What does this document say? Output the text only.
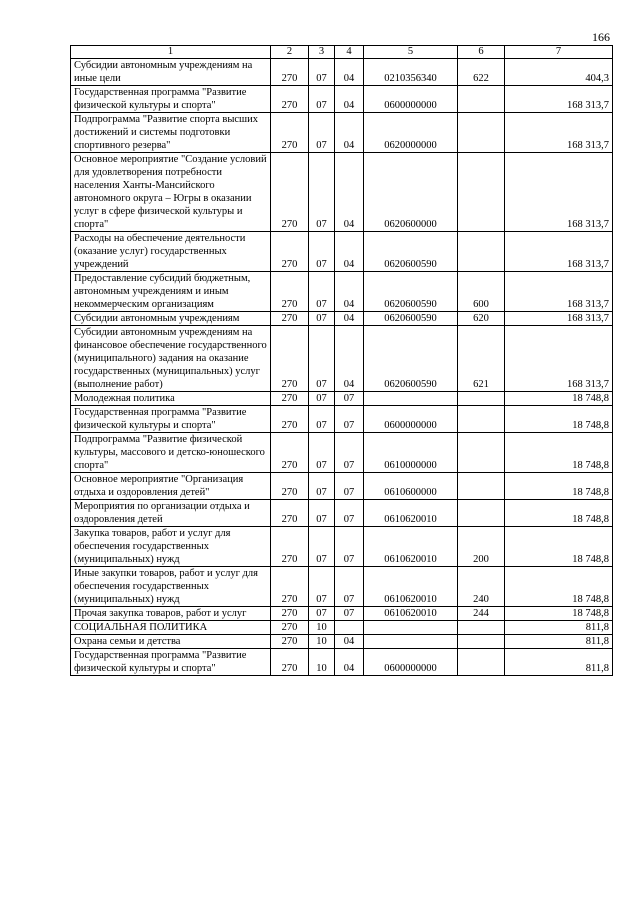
166
1	2	3	4	5	6	7
Субсидии автономным учреждениям на иные цели	270	07	04	0210356340	622	404,3
Государственная программа "Развитие физической культуры и спорта"	270	07	04	0600000000		168 313,7
Подпрограмма "Развитие спорта высших достижений и системы подготовки спортивного резерва"	270	07	04	0620000000		168 313,7
Основное мероприятие "Создание условий для удовлетворения потребности населения Ханты-Мансийского автономного округа – Югры в оказании услуг в сфере физической культуры и спорта"	270	07	04	0620600000		168 313,7
Расходы на обеспечение деятельности (оказание услуг) государственных учреждений	270	07	04	0620600590		168 313,7
Предоставление субсидий бюджетным, автономным учреждениям и иным некоммерческим организациям	270	07	04	0620600590	600	168 313,7
Субсидии автономным учреждениям	270	07	04	0620600590	620	168 313,7
Субсидии автономным учреждениям на финансовое обеспечение государственного (муниципального) задания на оказание государственных (муниципальных) услуг (выполнение работ)	270	07	04	0620600590	621	168 313,7
Молодежная политика	270	07	07			18 748,8
Государственная программа "Развитие физической культуры и спорта"	270	07	07	0600000000		18 748,8
Подпрограмма "Развитие физической культуры, массового и детско-юношеского спорта"	270	07	07	0610000000		18 748,8
Основное мероприятие "Организация отдыха и оздоровления детей"	270	07	07	0610600000		18 748,8
Мероприятия по организации отдыха и оздоровления детей	270	07	07	0610620010		18 748,8
Закупка товаров, работ и услуг для обеспечения государственных (муниципальных) нужд	270	07	07	0610620010	200	18 748,8
Иные закупки товаров, работ и услуг для обеспечения государственных (муниципальных) нужд	270	07	07	0610620010	240	18 748,8
Прочая закупка товаров, работ и услуг	270	07	07	0610620010	244	18 748,8
СОЦИАЛЬНАЯ ПОЛИТИКА	270	10				811,8
Охрана семьи и детства	270	10	04			811,8
Государственная программа "Развитие физической культуры и спорта"	270	10	04	0600000000		811,8
